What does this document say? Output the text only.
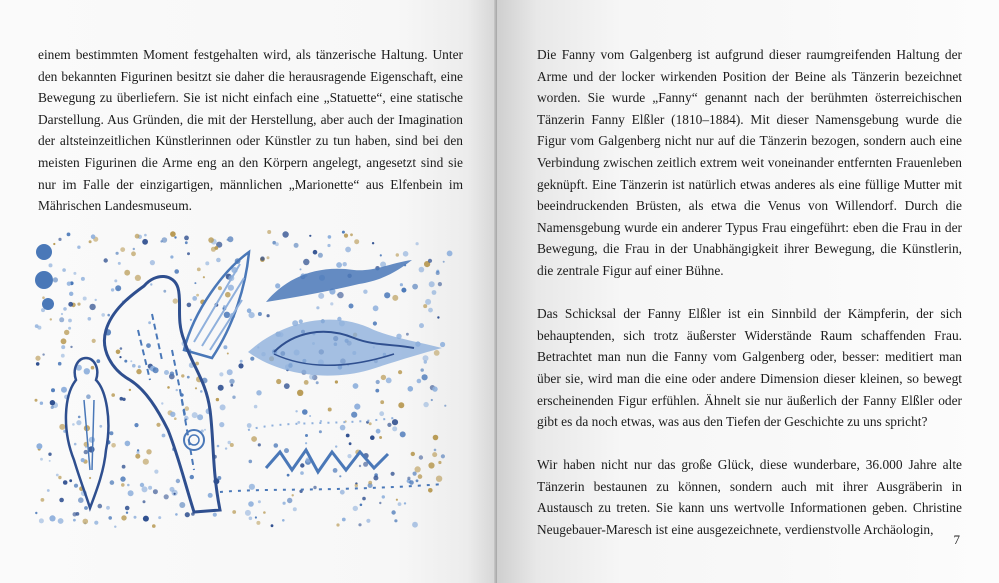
einem bestimmten Moment festgehalten wird, als tänzerische Haltung. Unter den bekannten Figurinen besitzt sie daher die herausragende Eigenschaft, eine Bewegung zu überliefern. Sie ist nicht einfach eine „Statuette“, eine statische Darstellung. Aus Gründen, die mit der Herstellung, aber auch der Imagination der altsteinzeitlichen Künstlerinnen oder Künstler zu tun haben, sind bei den meisten Figurinen die Arme eng an den Körpern angelegt, angesetzt sind sie nur im Falle der einzigartigen, männlichen „Marionette“ aus Elfenbein im Mährischen Landesmuseum.

Die Fanny vom Galgenberg ist aufgrund dieser raumgreifenden Haltung der Arme und der locker wirkenden Position der Beine als Tänzerin bezeichnet worden. Sie wurde „Fanny“ genannt nach der berühmten österreichischen Tänzerin Fanny Elßler (1810–1884). Mit dieser Namensgebung wurde die Figur vom Galgenberg nicht nur auf die Tänzerin bezogen, sondern auch eine Verbindung zwischen zeitlich extrem weit voneinander entfernten Frauenleben geknüpft. Eine Tänzerin ist natürlich etwas anderes als eine füllige Mutter mit beeindruckenden Brüsten, als etwa die Venus von Willendorf. Durch die Namensgebung wurde ein anderer Typus Frau eingeführt: eben die Frau in der Bewegung, die Frau in der Unabhängigkeit ihrer Bewegung, die Künstlerin, die zentrale Figur auf einer Bühne.

Das Schicksal der Fanny Elßler ist ein Sinnbild der Kämpferin, der sich behauptenden, sich trotz äußerster Widerstände Raum schaffenden Frau. Betrachtet man nun die Fanny vom Galgenberg oder, besser: meditiert man über sie, wird man die eine oder andere Dimension dieser kleinen, so bewegt erscheinenden Figur erfühlen. Ähnelt sie nur äußerlich der Fanny Elßler oder gibt es da noch etwas, was aus den Tiefen der Geschichte zu uns spricht?

Wir haben nicht nur das große Glück, diese wunderbare, 36.000 Jahre alte Tänzerin bestaunen zu können, sondern auch mit ihrer Ausgräberin in Austausch zu treten. Sie kann uns wertvolle Informationen geben. Christine Neugebauer-Maresch ist eine ausgezeichnete, verdienstvolle Archäologin,

7
